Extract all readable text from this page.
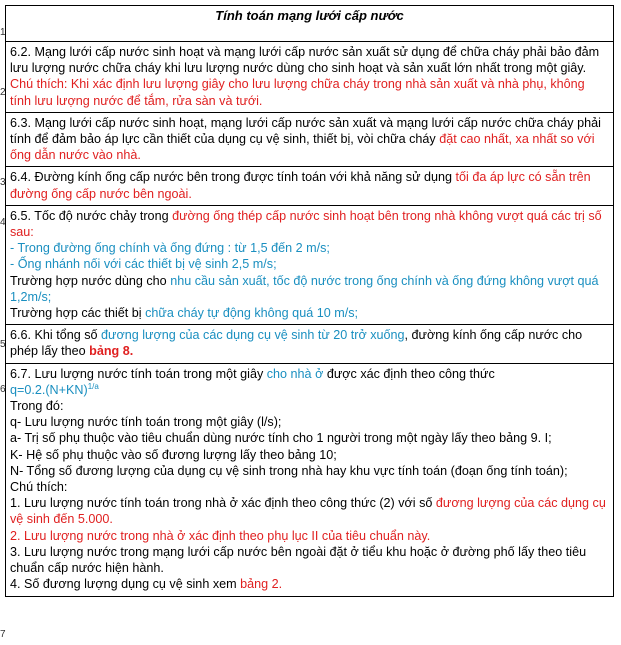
1
2
3
4
5
6
7
Tính toán mạng lưới cấp nước

6.2. Mạng lưới cấp nước sinh hoạt và mạng lưới cấp nước sản xuất sử dụng để chữa cháy phải bảo đảm lưu lượng nước chữa cháy khi lưu lượng nước dùng cho sinh hoạt và sản xuất lớn nhất trong một giây.

Chú thích: Khi xác định lưu lượng giây cho lưu lượng chữa cháy trong nhà sản xuất và nhà phụ, không tính lưu lượng nước để tắm, rửa sàn và tưới.

6.3. Mạng lưới cấp nước sinh hoạt, mạng lưới cấp nước sản xuất và mạng lưới cấp nước chữa cháy phải tính để đảm bảo áp lực cần thiết của dụng cụ vệ sinh, thiết bị, vòi chữa cháy đặt cao nhất, xa nhất so với ống dẫn nước vào nhà.

6.4. Đường kính ống cấp nước bên trong được tính toán với khả năng sử dụng tối đa áp lực có sẵn trên đường ống cấp nước bên ngoài.

6.5. Tốc độ nước chảy trong đường ống thép cấp nước sinh hoạt bên trong nhà không vượt quá các trị số sau:

- Trong đường ống chính và ống đứng : từ 1,5 đến 2 m/s;

- Ống nhánh nối với các thiết bị vệ sinh 2,5 m/s;

Trường hợp nước dùng cho nhu cầu sản xuất, tốc độ nước trong ống chính và ống đứng không vượt quá 1,2m/s;

Trường hợp các thiết bị chữa cháy tự động không quá 10 m/s;

6.6. Khi tổng số đương lượng của các dụng cụ vệ sinh từ 20 trở xuống, đường kính ống cấp nước cho phép lấy theo bảng 8.

6.7. Lưu lượng nước tính toán trong một giây cho nhà ở được xác định theo công thức

$q=0.2.(N+KN)^{1/a}$

Trong đó:

q- Lưu lượng nước tính toán trong một giây (l/s);

a- Trị số phụ thuộc vào tiêu chuẩn dùng nước tính cho 1 người trong một ngày lấy theo bảng 9. I;

K- Hệ số phụ thuộc vào số đương lượng lấy theo bảng 10;

N- Tổng số đương lượng của dụng cụ vệ sinh trong nhà hay khu vực tính toán (đoạn ống tính toán);

Chú thích:

1. Lưu lượng nước tính toán trong nhà ở xác định theo công thức (2) với số đương lượng của các dụng cụ vệ sinh đến 5.000.

2. Lưu lượng nước trong nhà ở xác định theo phụ lục II của tiêu chuẩn này.

3. Lưu lượng nước trong mạng lưới cấp nước bên ngoài đặt ở tiểu khu hoặc ở đường phố lấy theo tiêu chuẩn cấp nước hiện hành.

4. Số đương lượng dụng cụ vệ sinh xem bảng 2.
